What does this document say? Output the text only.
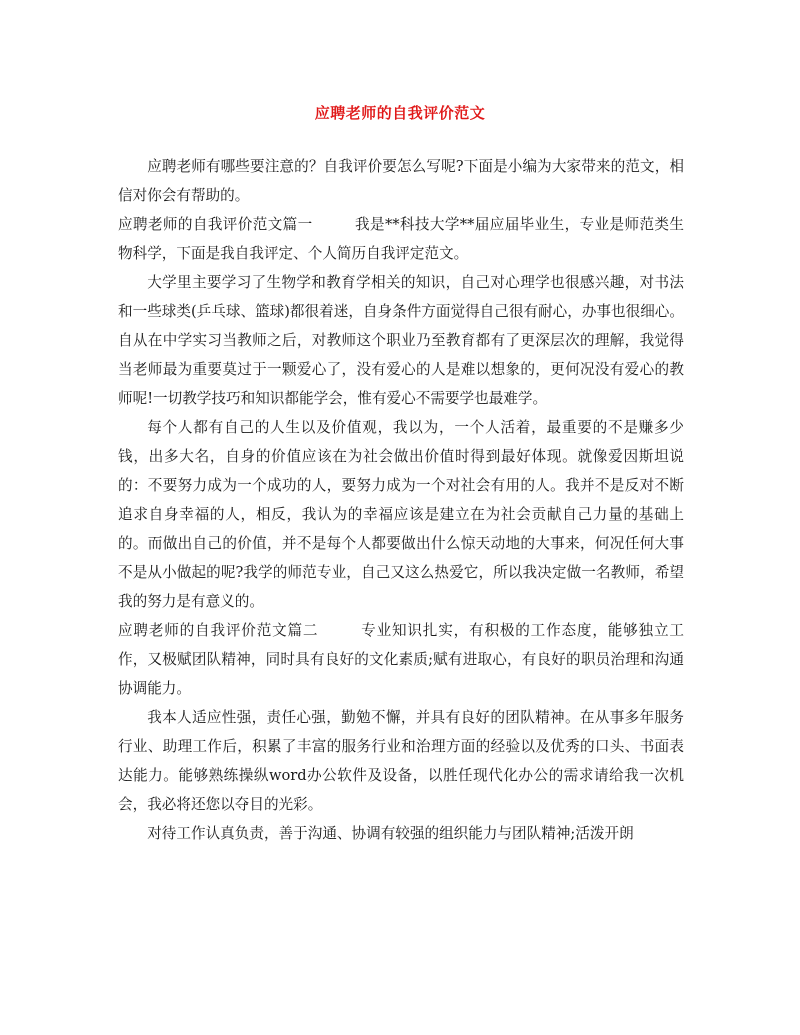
应聘老师的自我评价范文

应聘老师有哪些要注意的？自我评价要怎么写呢?下面是小编为大家带来的范文，相信对你会有帮助的。

应聘老师的自我评价范文篇一	我是**科技大学**届应届毕业生，专业是师范类生物科学，下面是我自我评定、个人简历自我评定范文。

大学里主要学习了生物学和教育学相关的知识，自己对心理学也很感兴趣，对书法和一些球类(乒乓球、篮球)都很着迷，自身条件方面觉得自己很有耐心，办事也很细心。自从在中学实习当教师之后，对教师这个职业乃至教育都有了更深层次的理解，我觉得当老师最为重要莫过于一颗爱心了，没有爱心的人是难以想象的，更何况没有爱心的教师呢!一切教学技巧和知识都能学会，惟有爱心不需要学也最难学。

每个人都有自己的人生以及价值观，我以为，一个人活着，最重要的不是赚多少钱，出多大名，自身的价值应该在为社会做出价值时得到最好体现。就像爱因斯坦说的：不要努力成为一个成功的人，要努力成为一个对社会有用的人。我并不是反对不断追求自身幸福的人，相反，我认为的幸福应该是建立在为社会贡献自己力量的基础上的。而做出自己的价值，并不是每个人都要做出什么惊天动地的大事来，何况任何大事不是从小做起的呢?我学的师范专业，自己又这么热爱它，所以我决定做一名教师，希望我的努力是有意义的。

应聘老师的自我评价范文篇二	专业知识扎实，有积极的工作态度，能够独立工作，又极赋团队精神，同时具有良好的文化素质;赋有进取心，有良好的职员治理和沟通协调能力。

我本人适应性强，责任心强，勤勉不懈，并具有良好的团队精神。在从事多年服务行业、助理工作后，积累了丰富的服务行业和治理方面的经验以及优秀的口头、书面表达能力。能够熟练操纵word办公软件及设备，以胜任现代化办公的需求请给我一次机会，我必将还您以夺目的光彩。

对待工作认真负责，善于沟通、协调有较强的组织能力与团队精神;活泼开朗
